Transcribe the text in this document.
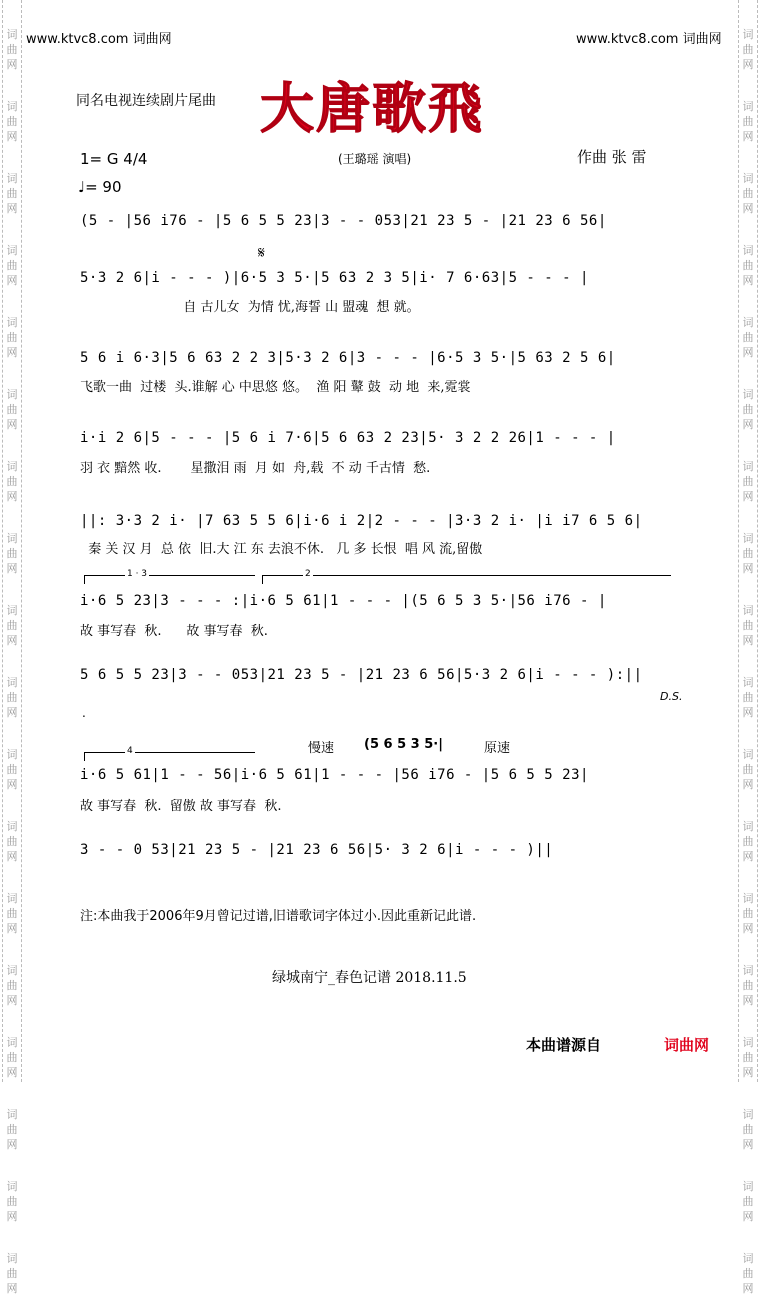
词曲网
词曲网
词曲网
词曲网
词曲网
词曲网
词曲网
词曲网
词曲网
词曲网
词曲网
词曲网
词曲网
词曲网
词曲网
词曲网
词曲网
词曲网
词曲网
词曲网
词曲网
词曲网
词曲网
词曲网
词曲网
词曲网
词曲网
词曲网
词曲网
词曲网
词曲网
词曲网
词曲网
词曲网
词曲网
词曲网
www.ktvc8.com 词曲网	www.ktvc8.com 词曲网
同名电视连续剧片尾曲 大唐歌飛
1= G 4/4
♩= 90
(王璐瑶 演唱)	作曲 张 雷
𝄋
(5 - |56 i76 - |5 6 5 5 23|3 - - 053|21 23 5 - |21 23 6 56|
5·3 2 6|i - - - )|6·5 3 5·|5 63 2 3 5|i· 7 6·63|5 - - - |
自 古儿女  为情 忧,海誓 山 盟魂  想 就。
5 6 i 6·3|5 6 63 2 2 3|5·3 2 6|3 - - - |6·5 3 5·|5 63 2 5 6|
飞歌一曲  过楼  头.谁解 心 中思悠 悠。  渔 阳 鼙 鼓  动 地  来,霓裳
i·i 2 6|5 - - - |5 6 i 7·6|5 6 63 2 23|5· 3 2 2 26|1 - - - |
羽 衣 黯然 收.       星撒泪 雨  月 如  舟,载  不 动 千古情  愁.
||: 3·3 2 i· |7 63 5 5 6|i·6 i 2|2 - - - |3·3 2 i· |i i7 6 5 6|
秦 关 汉 月  总 依  旧.大 江 东 去浪不休.   几 多 长恨  唱 风 流,留傲
1 · 3	2
i·6 5 23|3 - - - :|i·6 5 61|1 - - - |(5 6 5 3 5·|56 i76 - |
故 事写春  秋.      故 事写春  秋.
5 6 5 5 23|3 - - 053|21 23 5 - |21 23 6 56|5·3 2 6|i - - - ):||
D.S.
.
慢速 (5 6 5 3 5·|	原速
4
i·6 5 61|1 - - 56|i·6 5 61|1 - - - |56 i76 - |5 6 5 5 23|
故 事写春  秋.  留傲 故 事写春  秋.
3 - - 0 53|21 23 5 - |21 23 6 56|5· 3 2 6|i - - - )||
注:本曲我于2006年9月曾记过谱,旧谱歌词字体过小.因此重新记此谱.
绿城南宁_春色记谱 2018.11.5
本曲谱源自	词曲网
